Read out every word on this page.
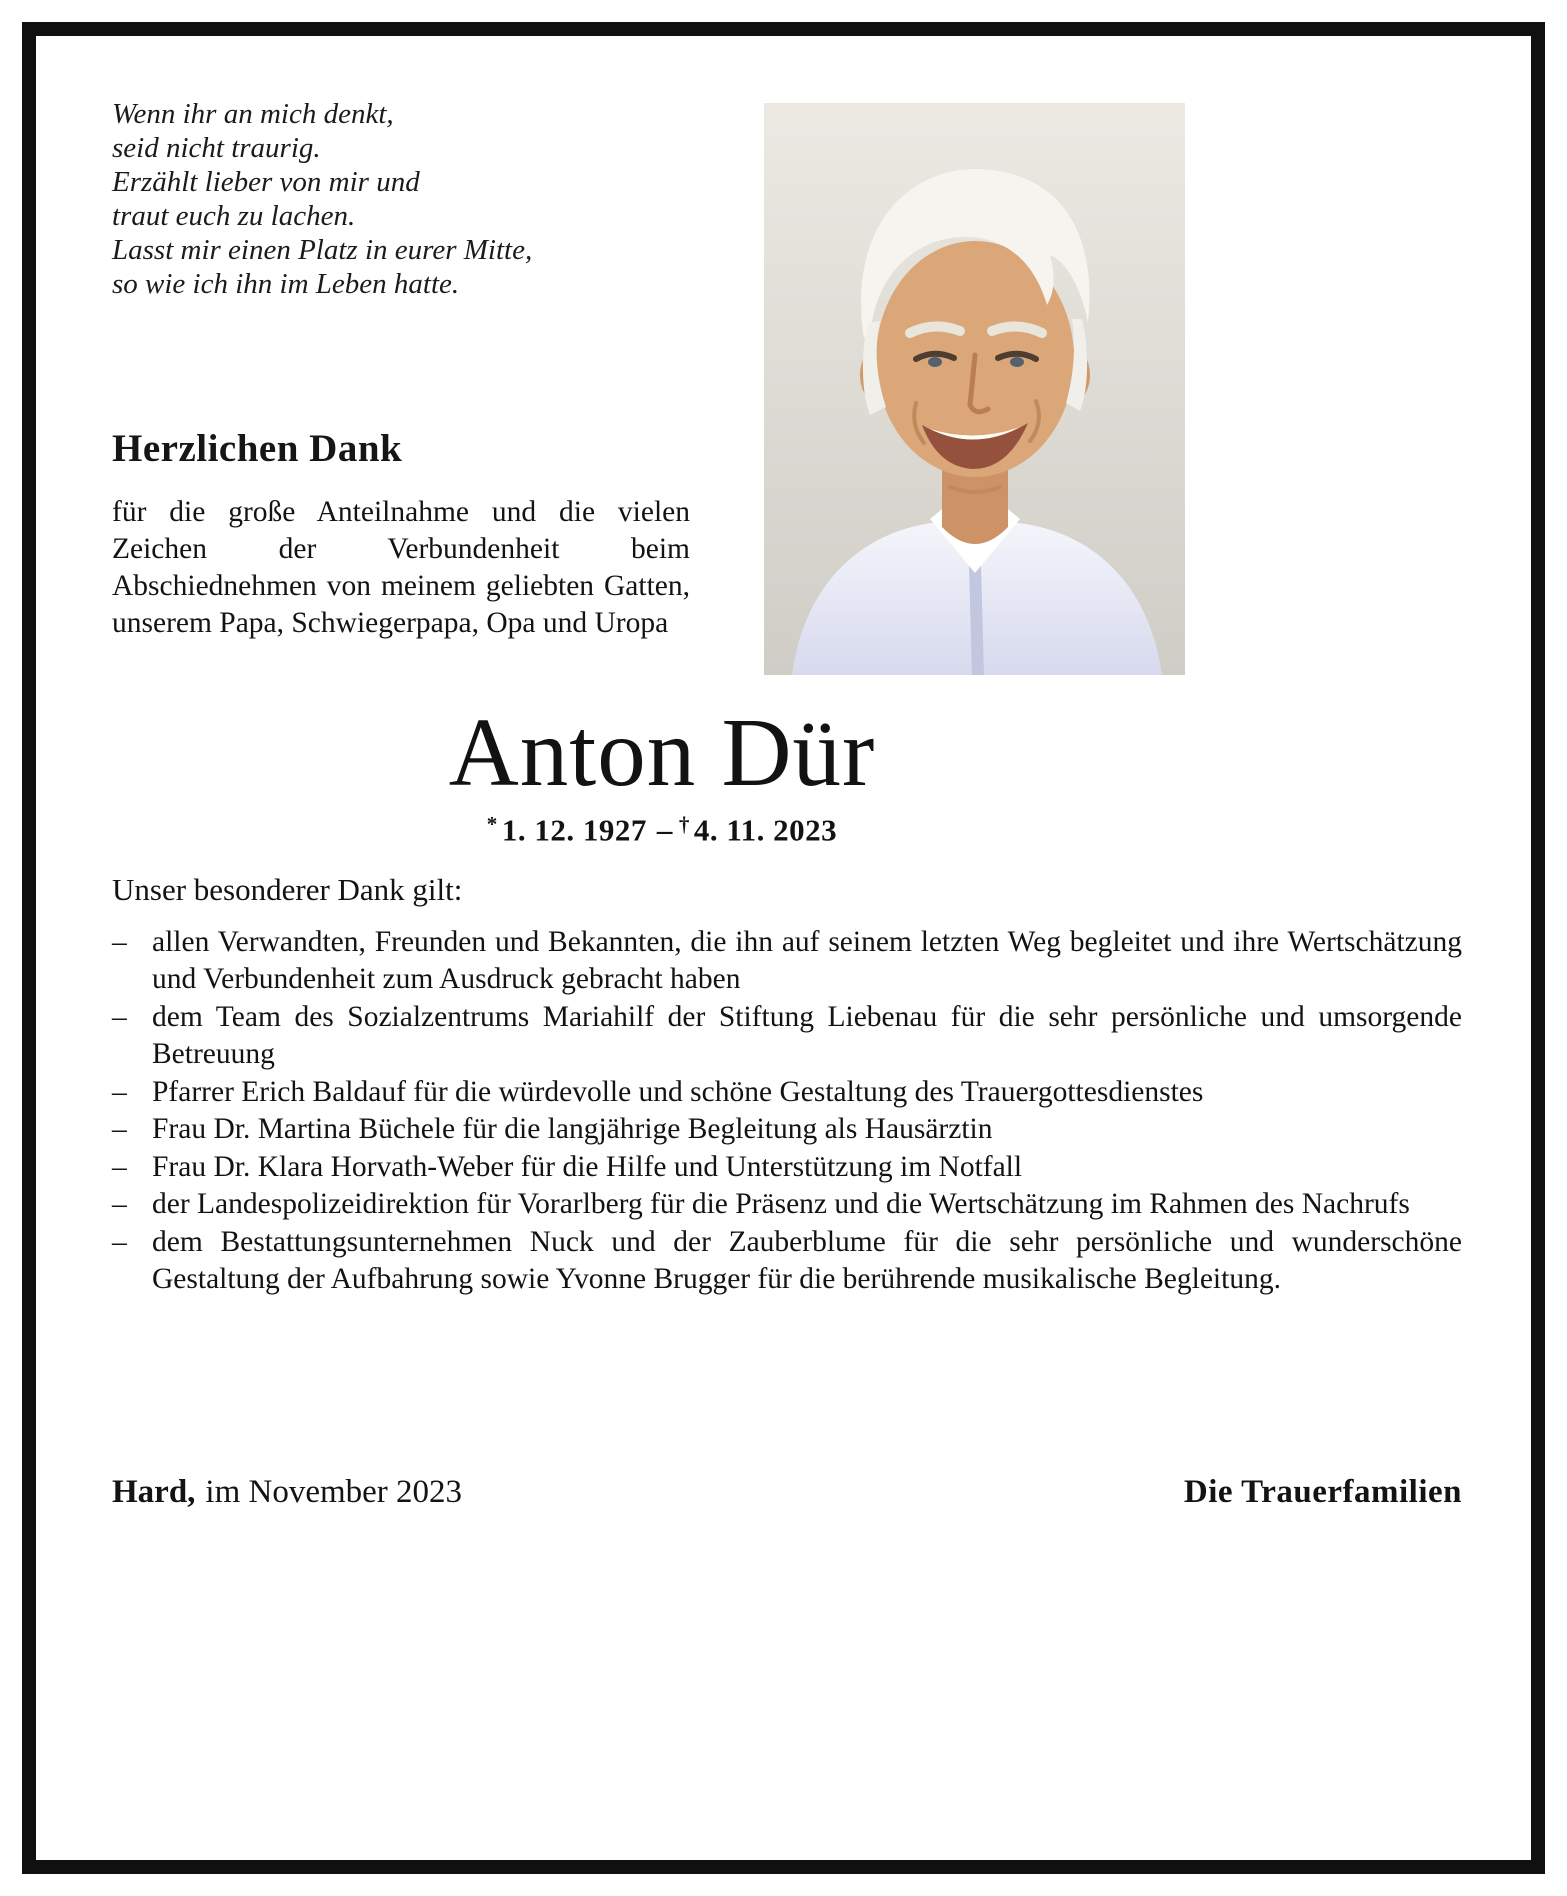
Wenn ihr an mich denkt,
seid nicht traurig.
Erzählt lieber von mir und
traut euch zu lachen.
Lasst mir einen Platz in eurer Mitte,
so wie ich ihn im Leben hatte.
Herzlichen Dank

für die große Anteilnahme und die vielen Zeichen der Verbundenheit beim Abschiednehmen von meinem geliebten Gatten, unserem Papa, Schwiegerpapa, Opa und Uropa

Anton Dür
* 1. 12. 1927 – † 4. 11. 2023
Unser besonderer Dank gilt:
– allen Verwandten, Freunden und Bekannten, die ihn auf seinem letzten Weg begleitet und ihre Wertschätzung und Verbundenheit zum Ausdruck gebracht haben
– dem Team des Sozialzentrums Mariahilf der Stiftung Liebenau für die sehr persönliche und umsorgende Betreuung
– Pfarrer Erich Baldauf für die würdevolle und schöne Gestaltung des Trauergottesdienstes
– Frau Dr. Martina Büchele für die langjährige Begleitung als Hausärztin
– Frau Dr. Klara Horvath-Weber für die Hilfe und Unterstützung im Notfall
– der Landespolizeidirektion für Vorarlberg für die Präsenz und die Wertschätzung im Rahmen des Nachrufs
– dem Bestattungsunternehmen Nuck und der Zauberblume für die sehr persönliche und wunderschöne Gestaltung der Aufbahrung sowie Yvonne Brugger für die berührende musikalische Begleitung.
Hard, im November 2023	Die Trauerfamilien
